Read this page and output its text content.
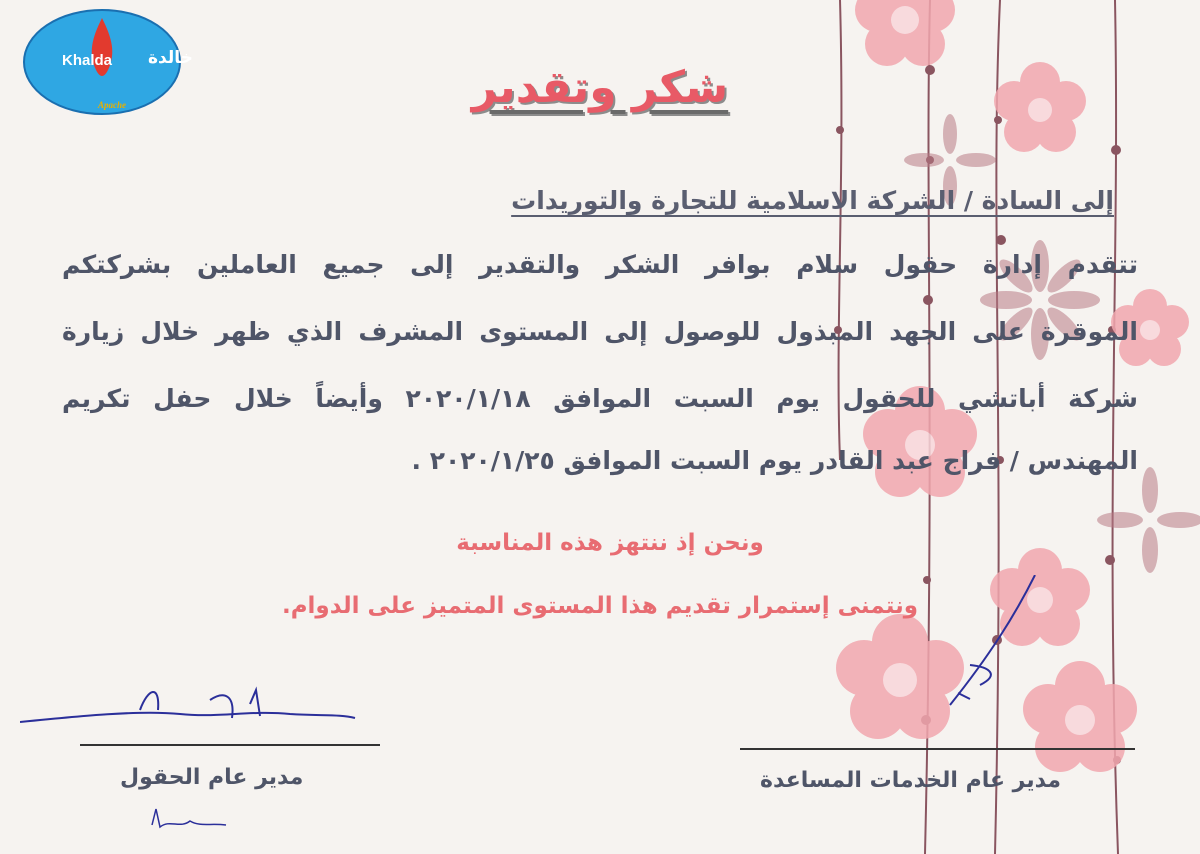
Khalda خالدة
Apache	شكر وتقدير
إلى السادة / الشركة الاسلامية للتجارة والتوريدات
تتقدم إدارة حقول سلام بوافر الشكر والتقدير إلى جميع العاملين بشركتكم
الموقرة على الجهد المبذول للوصول إلى المستوى المشرف الذي ظهر خلال زيارة
شركة أباتشي للحقول يوم السبت الموافق ٢٠٢٠/١/١٨ وأيضاً خلال حفل تكريم
المهندس / فراج عبد القادر يوم السبت الموافق ٢٠٢٠/١/٢٥ .
ونحن إذ ننتهز هذه المناسبة
ونتمنى إستمرار تقديم هذا المستوى المتميز على الدوام.
مدير عام الحقول	مدير عام الخدمات المساعدة
